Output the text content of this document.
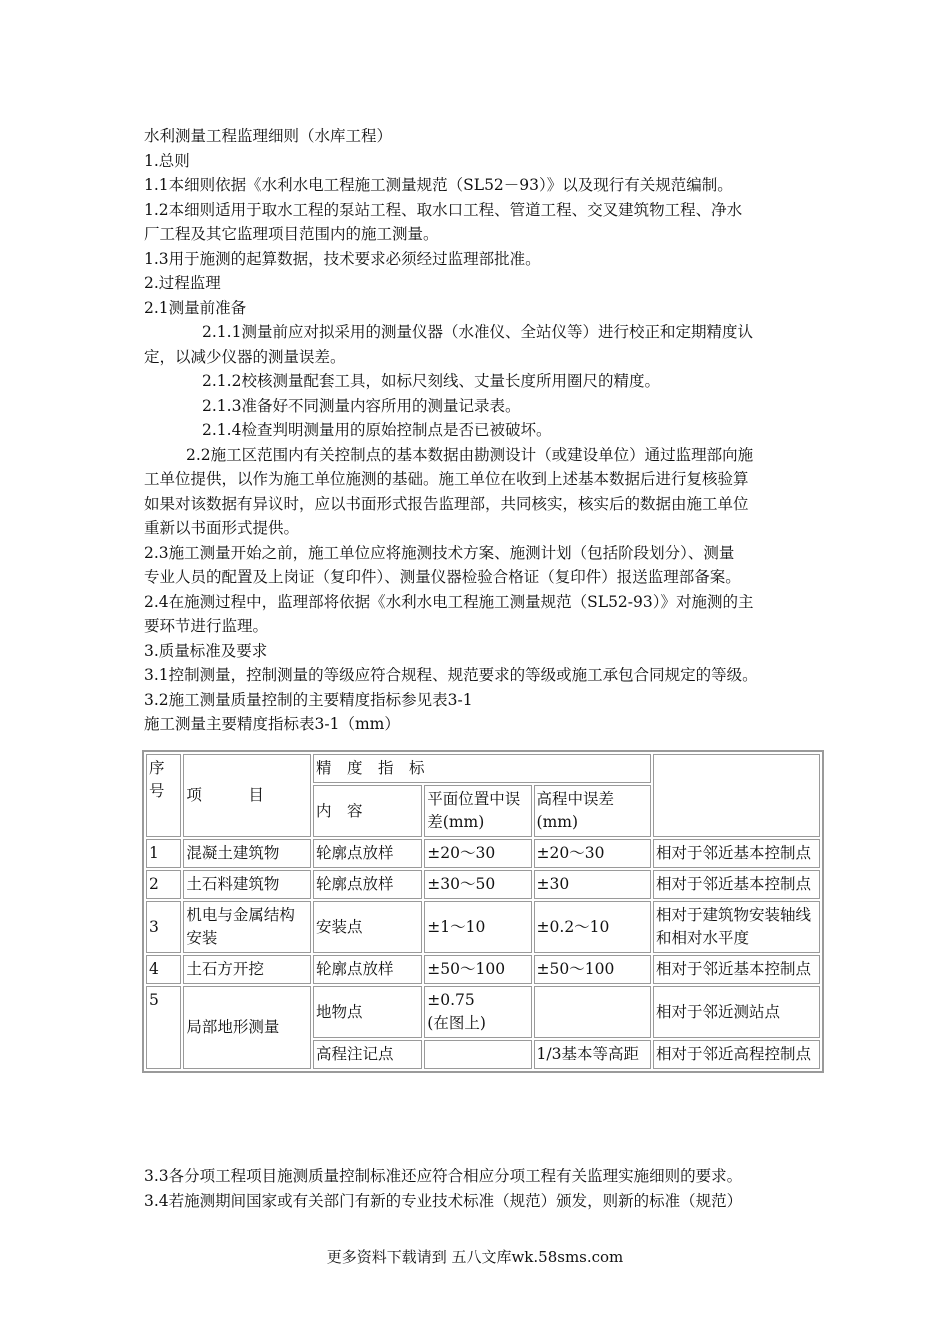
水利测量工程监理细则（水库工程）
1.总则
1.1本细则依据《水利水电工程施工测量规范（SL52－93）》以及现行有关规范编制。
1.2本细则适用于取水工程的泵站工程、取水口工程、管道工程、交叉建筑物工程、净水
厂工程及其它监理项目范围内的施工测量。
1.3用于施测的起算数据，技术要求必须经过监理部批准。
2.过程监理
2.1测量前准备
2.1.1测量前应对拟采用的测量仪器（水准仪、全站仪等）进行校正和定期精度认
定，以减少仪器的测量误差。
2.1.2校核测量配套工具，如标尺刻线、丈量长度所用圈尺的精度。
2.1.3准备好不同测量内容所用的测量记录表。
2.1.4检查判明测量用的原始控制点是否已被破坏。
2.2施工区范围内有关控制点的基本数据由勘测设计（或建设单位）通过监理部向施
工单位提供，以作为施工单位施测的基础。施工单位在收到上述基本数据后进行复核验算
如果对该数据有异议时，应以书面形式报告监理部，共同核实，核实后的数据由施工单位
重新以书面形式提供。
2.3施工测量开始之前，施工单位应将施测技术方案、施测计划（包括阶段划分）、测量
专业人员的配置及上岗证（复印件）、测量仪器检验合格证（复印件）报送监理部备案。
2.4在施测过程中，监理部将依据《水利水电工程施工测量规范（SL52-93）》对施测的主
要环节进行监理。
3.质量标准及要求
3.1控制测量，控制测量的等级应符合规程、规范要求的等级或施工承包合同规定的等级。
3.2施工测量质量控制的主要精度指标参见表3-1
施工测量主要精度指标表3-1（mm）
序号	项　　　目	精　度　指　标			
		内　容	平面位置中误差(mm)	高程中误差(mm)	
1	混凝土建筑物	轮廓点放样	±20～30	±20～30	相对于邻近基本控制点
2	土石料建筑物	轮廓点放样	±30～50	±30	相对于邻近基本控制点
3	机电与金属结构安装	安装点	±1～10	±0.2～10	相对于建筑物安装轴线和相对水平度
4	土石方开挖	轮廓点放样	±50～100	±50～100	相对于邻近基本控制点
5	局部地形测量	地物点	±0.75
(在图上)		相对于邻近测站点
		高程注记点		1/3基本等高距	相对于邻近高程控制点
3.3各分项工程项目施测质量控制标准还应符合相应分项工程有关监理实施细则的要求。
3.4若施测期间国家或有关部门有新的专业技术标准（规范）颁发，则新的标准（规范）
更多资料下载请到 五八文库wk.58sms.com
